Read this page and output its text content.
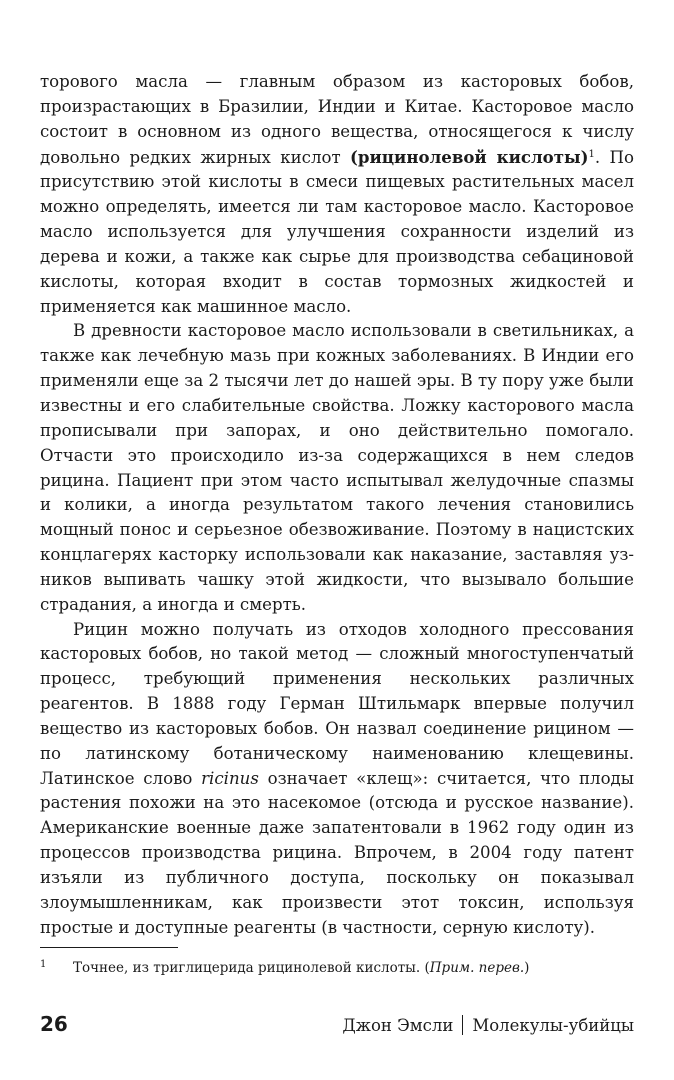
торового масла — главным образом из касторовых бобов, произрастающих в Бразилии, Индии и Китае. Касторовое масло состоит в основном из одного вещества, относящегося к числу довольно редких жирных кислот (рицинолевой кислоты)$^1$. По присутствию этой кислоты в смеси пищевых растительных масел можно определять, имеется ли там касторовое масло. Касторовое масло используется для улучшения сохранности изделий из дерева и кожи, а также как сырье для производства себациновой кислоты, которая входит в состав тормозных жидкостей и применяется как машинное масло.

В древности касторовое масло использовали в светильниках, а также как лечебную мазь при кожных заболеваниях. В Индии его применяли еще за 2 тысячи лет до нашей эры. В ту пору уже были известны и его слабительные свойства. Ложку касторового масла прописывали при запорах, и оно действительно помогало. Отчасти это происходило из-за содержащихся в нем следов рицина. Пациент при этом часто испытывал желудочные спазмы и колики, а иногда результатом такого лечения становились мощный понос и серьезное обезвоживание. Поэтому в нацистских концлагерях касторку использовали как наказание, заставляя узников выпивать чашку этой жидкости, что вызывало большие страдания, а иногда и смерть.

Рицин можно получать из отходов холодного прессования касторовых бобов, но такой метод — сложный многоступенчатый процесс, требующий применения нескольких различных реагентов. В 1888 году Герман Штильмарк впервые получил вещество из касторовых бобов. Он назвал соединение рицином — по латинскому ботаническому наименованию клещевины. Латинское слово ricinus означает «клещ»: считается, что плоды растения похожи на это насекомое (отсюда и русское название). Американские военные даже запатентовали в 1962 году один из процессов производства рицина. Впрочем, в 2004 году патент изъяли из публичного доступа, поскольку он показывал злоумышленникам, как произвести этот токсин, используя простые и доступные реагенты (в частности, серную кислоту).

1 Точнее, из триглицерида рицинолевой кислоты. (Прим. перев.)
26	Джон Эмсли Молекулы-убийцы
